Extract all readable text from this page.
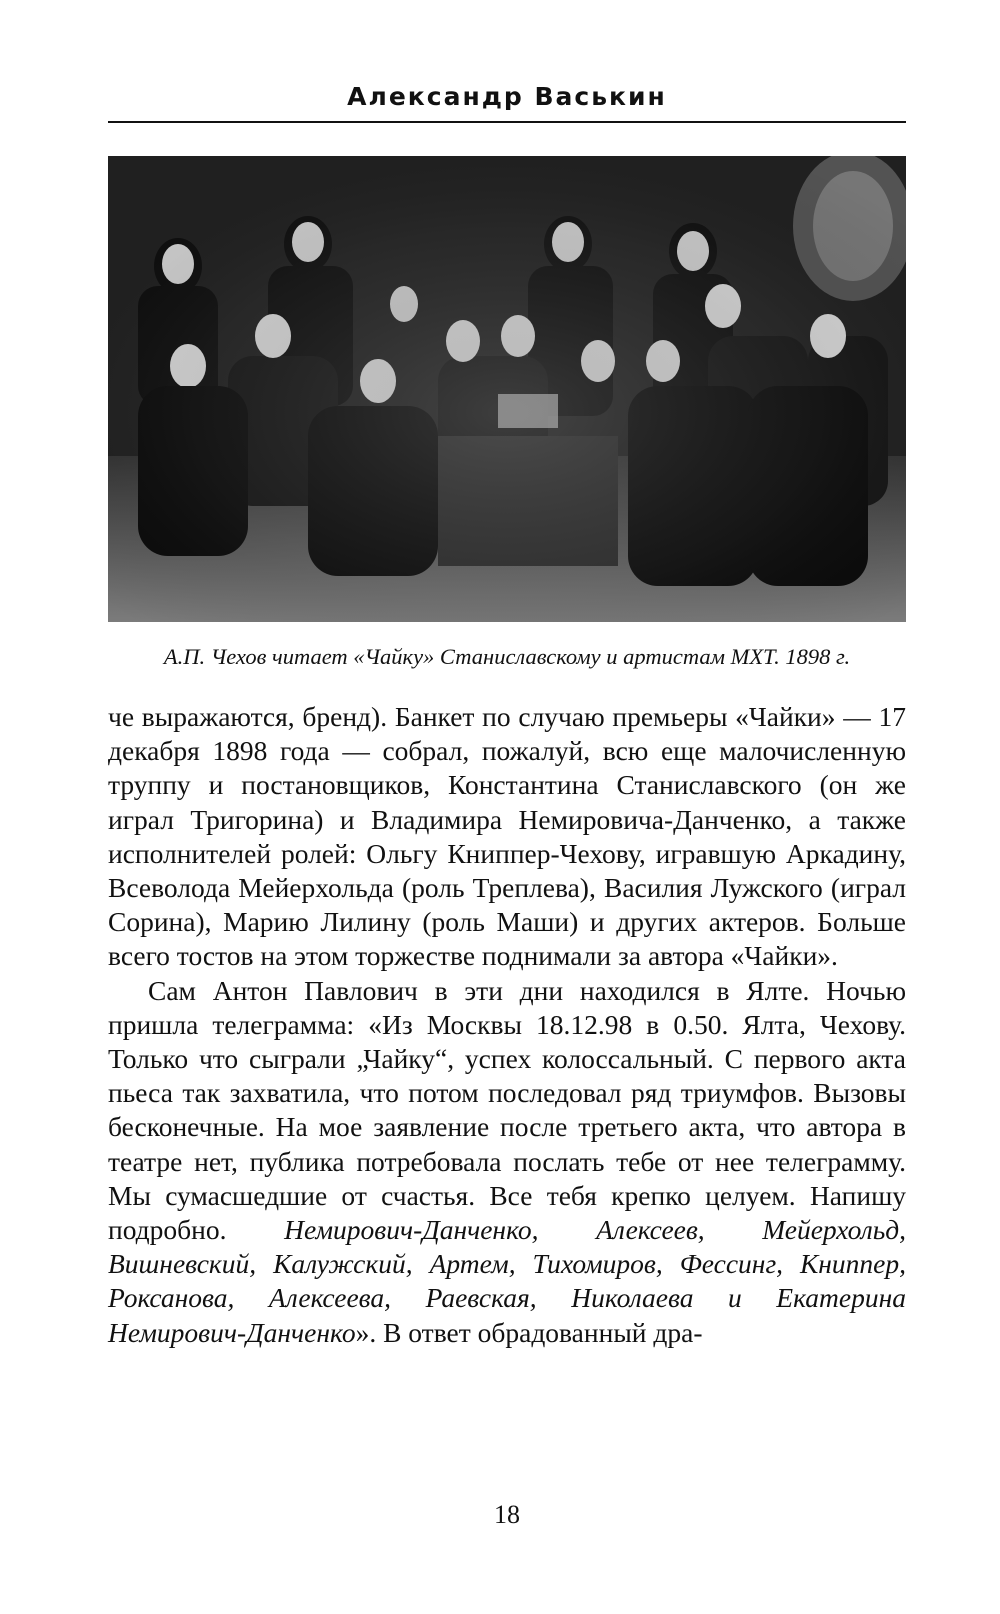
Александр Васькин
А.П. Чехов читает «Чайку» Станиславскому и артистам МХТ. 1898 г.

че выражаются, бренд). Банкет по случаю премьеры «Чайки» — 17 декабря 1898 года — собрал, пожалуй, всю еще малочисленную труппу и постановщиков, Константина Станиславского (он же играл Тригорина) и Владимира Немировича-Данченко, а также исполнителей ролей: Ольгу Книппер-Чехову, игравшую Аркадину, Всеволода Мейерхольда (роль Треплева), Василия Лужского (играл Сорина), Марию Лилину (роль Маши) и других актеров. Больше всего тостов на этом торжестве поднимали за автора «Чайки».

Сам Антон Павлович в эти дни находился в Ялте. Ночью пришла телеграмма: «Из Москвы 18.12.98 в 0.50. Ялта, Чехову. Только что сыграли „Чайку“, успех колоссальный. С первого акта пьеса так захватила, что потом последовал ряд триумфов. Вызовы бесконечные. На мое заявление после третьего акта, что автора в театре нет, публика потребовала послать тебе от нее телеграмму. Мы сумасшедшие от счастья. Все тебя крепко целуем. Напишу подробно. Немирович-Данченко, Алексеев, Мейерхольд, Вишневский, Калужский, Артем, Тихомиров, Фессинг, Книппер, Роксанова, Алексеева, Раевская, Николаева и Екатерина Немирович-Данченко». В ответ обрадованный дра-

18
